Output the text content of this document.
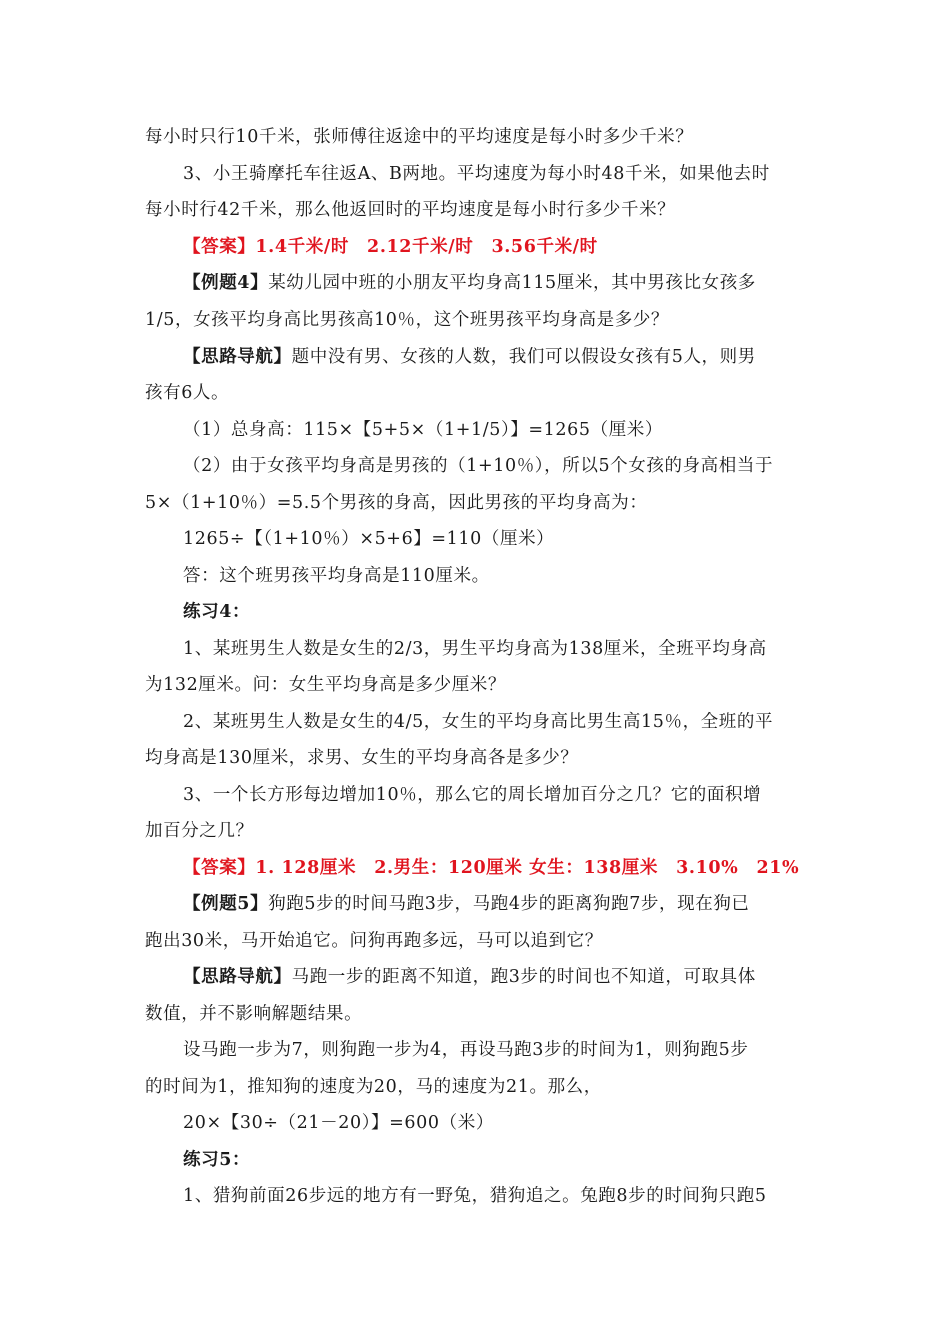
每小时只行10千米，张师傅往返途中的平均速度是每小时多少千米？
3、小王骑摩托车往返A、B两地。平均速度为每小时48千米，如果他去时
每小时行42千米，那么他返回时的平均速度是每小时行多少千米？
【答案】1.4千米/时　2.12千米/时　3.56千米/时
【例题4】某幼儿园中班的小朋友平均身高115厘米，其中男孩比女孩多
1/5，女孩平均身高比男孩高10％，这个班男孩平均身高是多少？
【思路导航】题中没有男、女孩的人数，我们可以假设女孩有5人，则男
孩有6人。
（1）总身高：115×【5+5×（1+1/5）】=1265（厘米）
（2）由于女孩平均身高是男孩的（1+10％），所以5个女孩的身高相当于
5×（1+10％）=5.5个男孩的身高，因此男孩的平均身高为：
1265÷【（1+10％）×5+6】=110（厘米）
答：这个班男孩平均身高是110厘米。
练习4：
1、某班男生人数是女生的2/3，男生平均身高为138厘米，全班平均身高
为132厘米。问：女生平均身高是多少厘米？
2、某班男生人数是女生的4/5，女生的平均身高比男生高15％，全班的平
均身高是130厘米，求男、女生的平均身高各是多少？
3、一个长方形每边增加10％，那么它的周长增加百分之几？它的面积增
加百分之几？
【答案】1. 128厘米　2.男生：120厘米 女生：138厘米　3.10%　21%
【例题5】狗跑5步的时间马跑3步，马跑4步的距离狗跑7步，现在狗已
跑出30米，马开始追它。问狗再跑多远，马可以追到它？
【思路导航】马跑一步的距离不知道，跑3步的时间也不知道，可取具体
数值，并不影响解题结果。
设马跑一步为7，则狗跑一步为4，再设马跑3步的时间为1，则狗跑5步
的时间为1，推知狗的速度为20，马的速度为21。那么，
20×【30÷（21－20）】=600（米）
练习5：
1、猎狗前面26步远的地方有一野兔，猎狗追之。兔跑8步的时间狗只跑5
